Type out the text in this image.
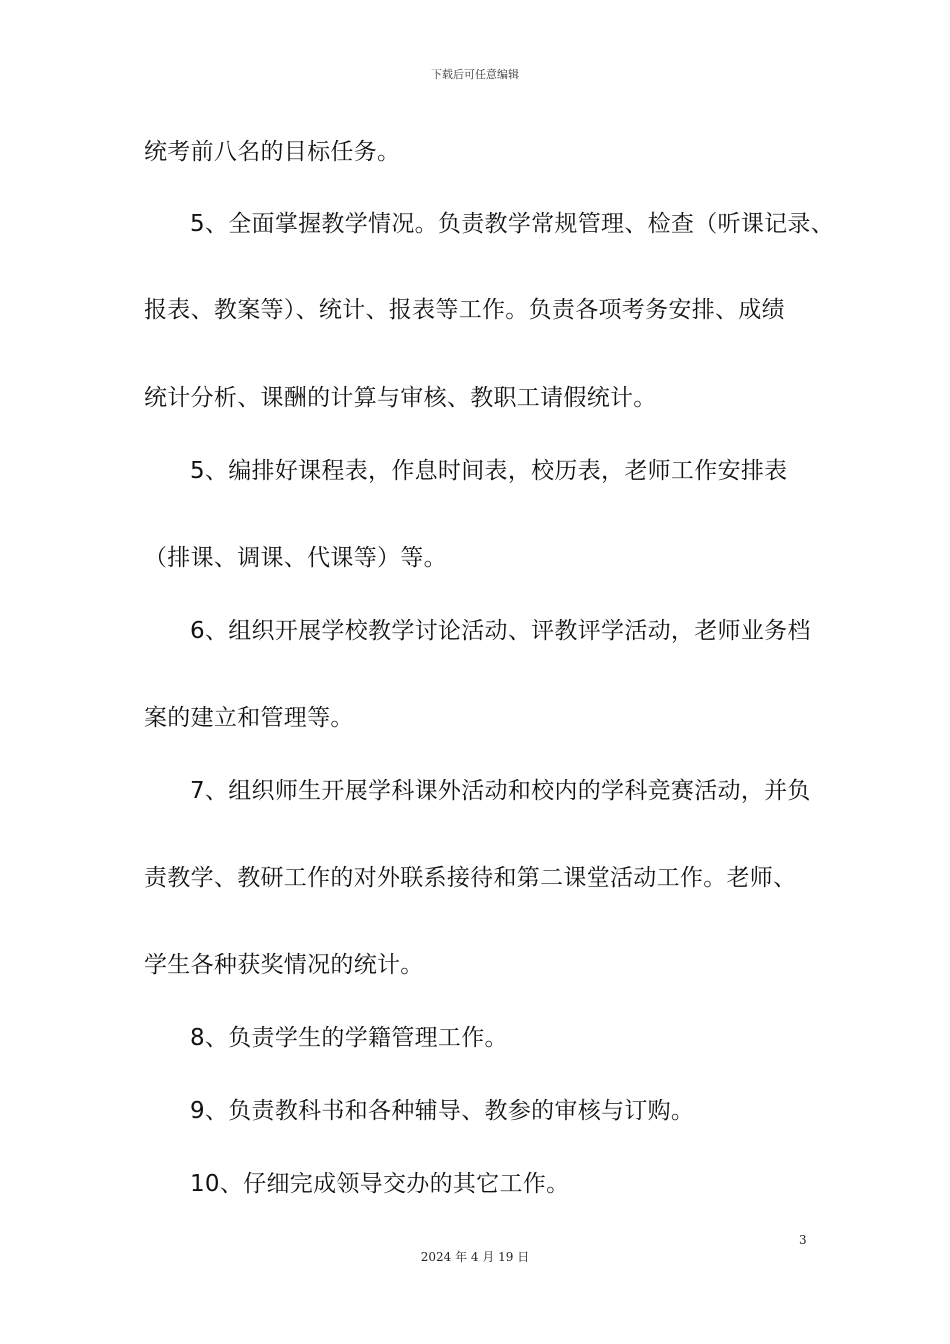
下载后可任意编辑
统考前八名的目标任务。
5、全面掌握教学情况。负责教学常规管理、检查（听课记录、
报表、教案等）、统计、报表等工作。负责各项考务安排、成绩
统计分析、课酬的计算与审核、教职工请假统计。
5、编排好课程表，作息时间表，校历表，老师工作安排表
（排课、调课、代课等）等。
6、组织开展学校教学讨论活动、评教评学活动，老师业务档
案的建立和管理等。
7、组织师生开展学科课外活动和校内的学科竞赛活动，并负
责教学、教研工作的对外联系接待和第二课堂活动工作。老师、
学生各种获奖情况的统计。
8、负责学生的学籍管理工作。
9、负责教科书和各种辅导、教参的审核与订购。
10、仔细完成领导交办的其它工作。
3
2024 年 4 月 19 日
